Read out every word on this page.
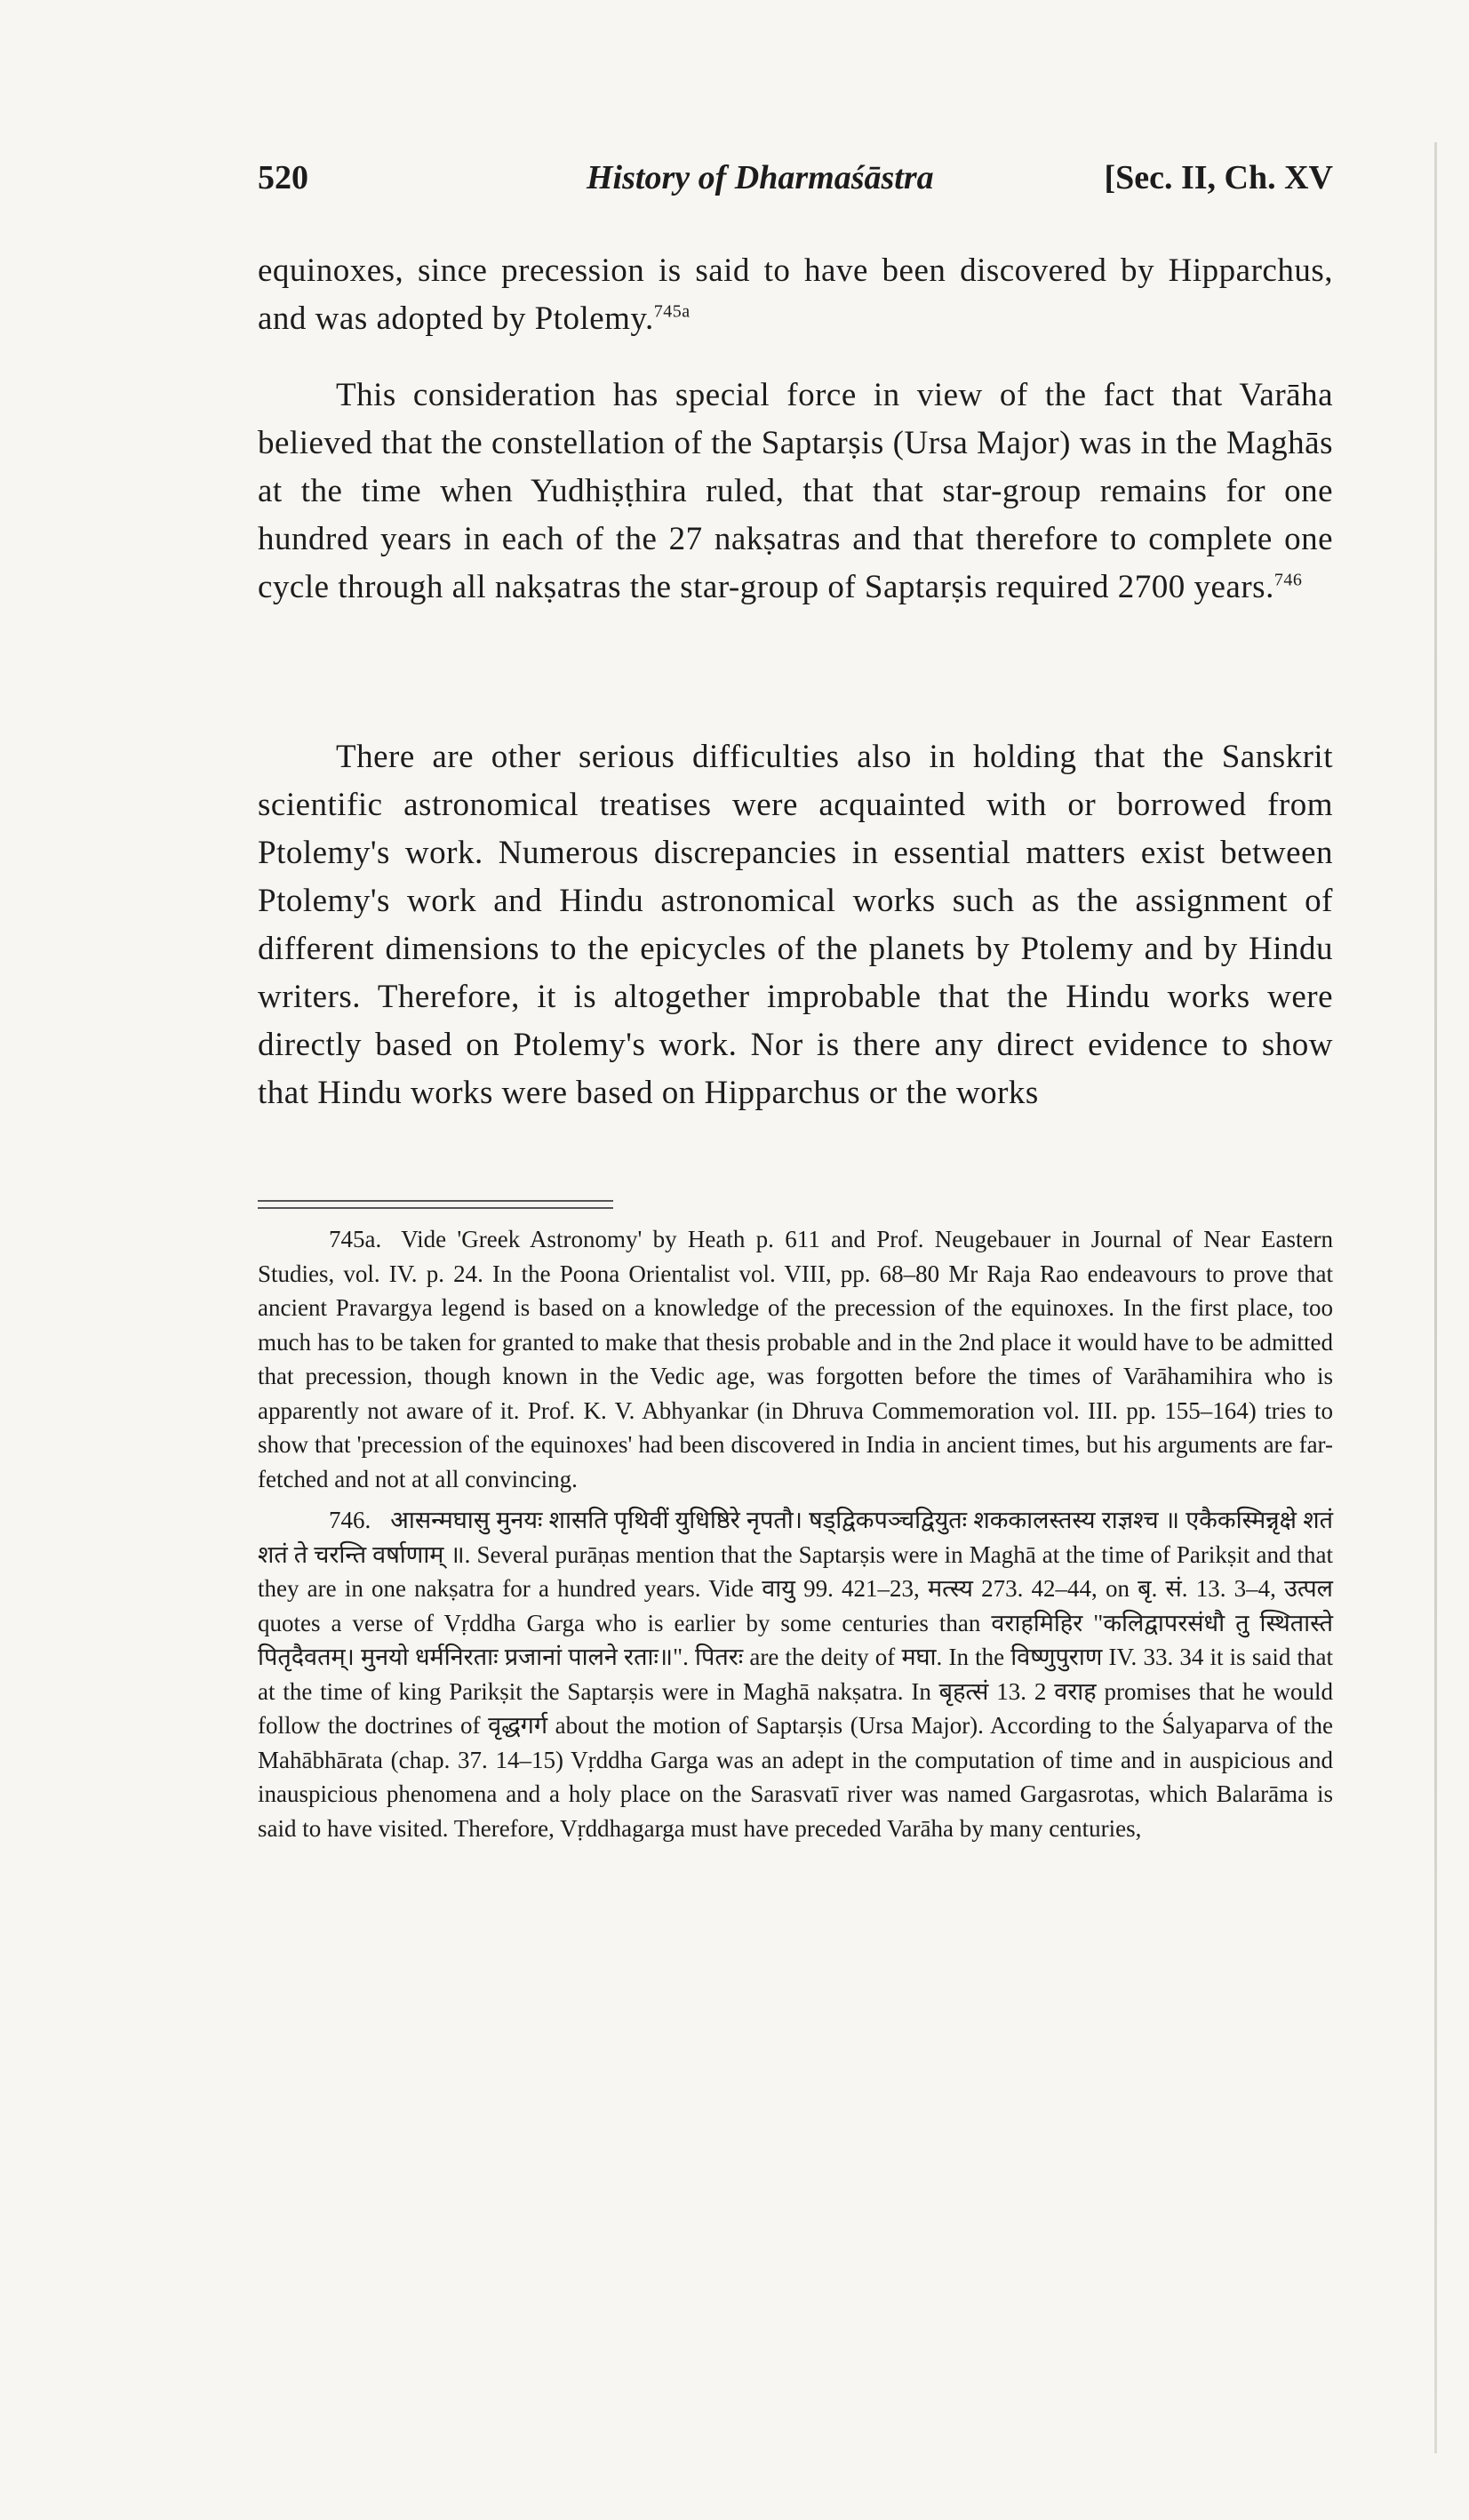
520	History of Dharmaśāstra	[Sec. II, Ch. XV
equinoxes, since precession is said to have been discovered by Hipparchus, and was adopted by Ptolemy.$^{745a}$
This consideration has special force in view of the fact that Varāha believed that the constellation of the Saptarṣis (Ursa Major) was in the Maghās at the time when Yudhiṣṭhira ruled, that that star-group remains for one hundred years in each of the 27 nakṣatras and that therefore to complete one cycle through all nakṣatras the star-group of Saptarṣis required 2700 years.$^{746}$
There are other serious difficulties also in holding that the Sanskrit scientific astronomical treatises were acquainted with or borrowed from Ptolemy's work. Numerous discrepancies in essential matters exist between Ptolemy's work and Hindu astronomical works such as the assignment of different dimensions to the epicycles of the planets by Ptolemy and by Hindu writers. Therefore, it is altogether improbable that the Hindu works were directly based on Ptolemy's work. Nor is there any direct evidence to show that Hindu works were based on Hipparchus or the works

745a. Vide 'Greek Astronomy' by Heath p. 611 and Prof. Neugebauer in Journal of Near Eastern Studies, vol. IV. p. 24. In the Poona Orientalist vol. VIII, pp. 68–80 Mr Raja Rao endeavours to prove that ancient Pravargya legend is based on a knowledge of the precession of the equinoxes. In the first place, too much has to be taken for granted to make that thesis probable and in the 2nd place it would have to be admitted that precession, though known in the Vedic age, was forgotten before the times of Varāhamihira who is apparently not aware of it. Prof. K. V. Abhyankar (in Dhruva Commemoration vol. III. pp. 155–164) tries to show that 'precession of the equinoxes' had been discovered in India in ancient times, but his arguments are far-fetched and not at all convincing.

746. आसन्मघासु मुनयः शासति पृथिवीं युधिष्ठिरे नृपतौ। षड्द्विकपञ्चद्वियुतः शककालस्तस्य राज्ञश्च ॥ एकैकस्मिन्नृक्षे शतं शतं ते चरन्ति वर्षाणाम् ॥. Several purāṇas mention that the Saptarṣis were in Maghā at the time of Parikṣit and that they are in one nakṣatra for a hundred years. Vide वायु 99. 421–23, मत्स्य 273. 42–44, on बृ. सं. 13. 3–4, उत्पल quotes a verse of Vṛddha Garga who is earlier by some centuries than वराहमिहिर "कलिद्वापरसंधौ तु स्थितास्ते पितृदैवतम्। मुनयो धर्मनिरताः प्रजानां पालने रताः॥". पितरः are the deity of मघा. In the विष्णुपुराण IV. 33. 34 it is said that at the time of king Parikṣit the Saptarṣis were in Maghā nakṣatra. In बृहत्सं 13. 2 वराह promises that he would follow the doctrines of वृद्धगर्ग about the motion of Saptarṣis (Ursa Major). According to the Śalyaparva of the Mahābhārata (chap. 37. 14–15) Vṛddha Garga was an adept in the computation of time and in auspicious and inauspicious phenomena and a holy place on the Sarasvatī river was named Gargasrotas, which Balarāma is said to have visited. Therefore, Vṛddhagarga must have preceded Varāha by many centuries,
